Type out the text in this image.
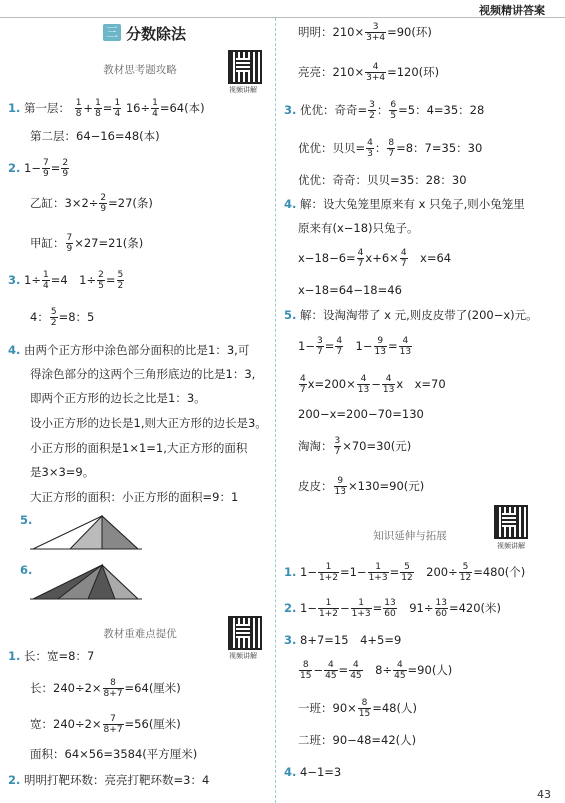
视频精讲答案
三 分数除法
教材思考题攻略
视频讲解
1. 第一层： $\frac{1}{8} + \frac{1}{8} = \frac{1}{4} 16\div \frac{1}{4} =64$(本)
第二层：64−16=48(本)
2. $1- \frac{7}{9} = \frac{2}{9}$
乙缸：$3\times 2\div \frac{2}{9} =27$(条)
甲缸： $\frac{7}{9} \times 27=21$(条)
3. $1\div \frac{1}{4} =4$　$1\div \frac{2}{5} = \frac{5}{2}$
4： $\frac{5}{2} =8$：5
4. 由两个正方形中涂色部分面积的比是1：3,可
得涂色部分的这两个三角形底边的比是1：3,
即两个正方形的边长之比是1：3。
设小正方形的边长是1,则大正方形的边长是3。
小正方形的面积是1×1=1,大正方形的面积
是3×3=9。
大正方形的面积：小正方形的面积=9：1
5.
6.
教材重难点提优
视频讲解
1. 长：宽=8：7
长：$240\div 2\times \frac{8}{8+7} =64$(厘米)
宽：$240\div 2\times \frac{7}{8+7} =56$(厘米)
面积：64×56=3584(平方厘米)
2. 明明打靶环数：亮亮打靶环数=3：4
明明：$210\times \frac{3}{3+4} =90$(环)
亮亮：$210\times \frac{4}{3+4} =120$(环)
3. 优优：奇奇= $\frac{3}{2}$ ： $\frac{6}{5} =5$：4=35：28
优优：贝贝= $\frac{4}{3}$ ： $\frac{8}{7} =8$：7=35：30
优优：奇奇：贝贝=35：28：30
4. 解：设大兔笼里原来有 x 只兔子,则小兔笼里
原来有(x−18)只兔子。
$x-18-6= \frac{4}{7} x+6\times \frac{4}{7}$ 　x=64
x−18=64−18=46
5. 解：设淘淘带了 x 元,则皮皮带了(200−x)元。
$1- \frac{3}{7} = \frac{4}{7}$ 　$1- \frac{9}{13} = \frac{4}{13}$
$\frac{4}{7} x=200\times \frac{4}{13} - \frac{4}{13}$ x　x=70
200−x=200−70=130
淘淘： $\frac{3}{7} \times 70=30$(元)
皮皮： $\frac{9}{13} \times 130=90$(元)
知识延伸与拓展
视频讲解
1. $1- \frac{1}{1+2} =1- \frac{1}{1+3} = \frac{5}{12}$ 　$200\div \frac{5}{12} =480$(个)
2. $1- \frac{1}{1+2} - \frac{1}{1+3} = \frac{13}{60}$ 　$91\div \frac{13}{60} =420$(米)
3. 8+7=15　4+5=9
$\frac{8}{15} - \frac{4}{45} = \frac{4}{45}$ 　$8\div \frac{4}{45} =90$(人)
一班：$90\times \frac{8}{15} =48$(人)
二班：90−48=42(人)
4. 4−1=3
43
